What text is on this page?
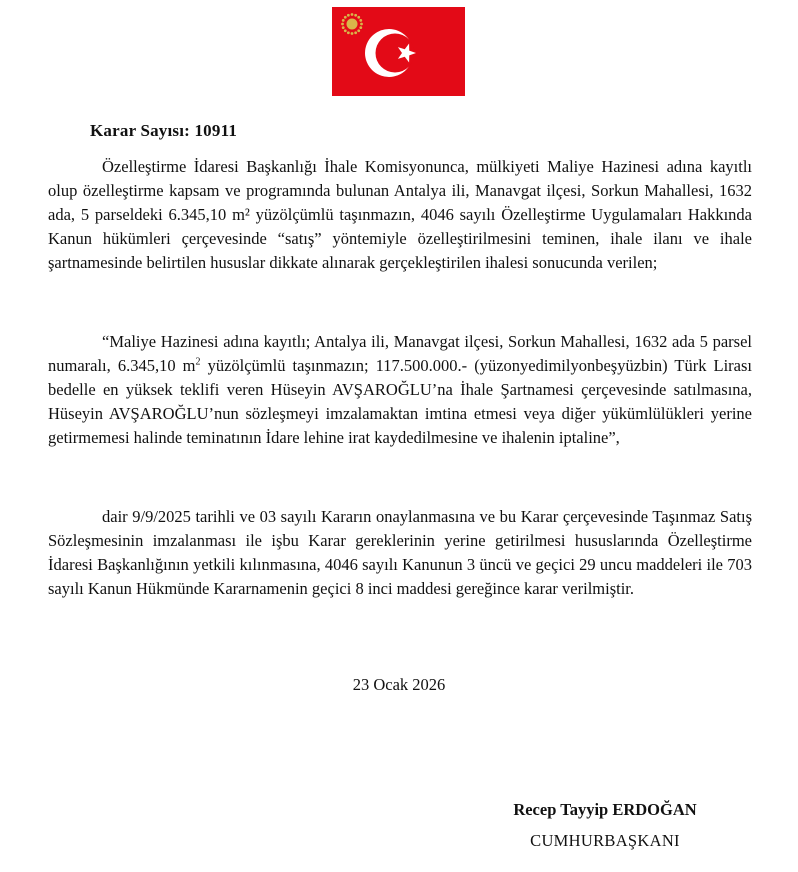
Karar Sayısı: 10911

Özelleştirme İdaresi Başkanlığı İhale Komisyonunca, mülkiyeti Maliye Hazinesi adına kayıtlı olup özelleştirme kapsam ve programında bulunan Antalya ili, Manavgat ilçesi, Sorkun Mahallesi, 1632 ada, 5 parseldeki 6.345,10 m² yüzölçümlü taşınmazın, 4046 sayılı Özelleştirme Uygulamaları Hakkında Kanun hükümleri çerçevesinde “satış” yöntemiyle özelleştirilmesini teminen, ihale ilanı ve ihale şartnamesinde belirtilen hususlar dikkate alınarak gerçekleştirilen ihalesi sonucunda verilen;

“Maliye Hazinesi adına kayıtlı; Antalya ili, Manavgat ilçesi, Sorkun Mahallesi, 1632 ada 5 parsel numaralı, 6.345,10 $m^2$ yüzölçümlü taşınmazın; 117.500.000.- (yüzonyedimilyonbeşyüzbin) Türk Lirası bedelle en yüksek teklifi veren Hüseyin AVŞAROĞLU’na İhale Şartnamesi çerçevesinde satılmasına, Hüseyin AVŞAROĞLU’nun sözleşmeyi imzalamaktan imtina etmesi veya diğer yükümlülükleri yerine getirmemesi halinde teminatının İdare lehine irat kaydedilmesine ve ihalenin iptaline”,

dair 9/9/2025 tarihli ve 03 sayılı Kararın onaylanmasına ve bu Karar çerçevesinde Taşınmaz Satış Sözleşmesinin imzalanması ile işbu Karar gereklerinin yerine getirilmesi hususlarında Özelleştirme İdaresi Başkanlığının yetkili kılınmasına, 4046 sayılı Kanunun 3 üncü ve geçici 29 uncu maddeleri ile 703 sayılı Kanun Hükmünde Kararnamenin geçici 8 inci maddesi gereğince karar verilmiştir.

23 Ocak 2026
Recep Tayyip ERDOĞAN
CUMHURBAŞKANI
